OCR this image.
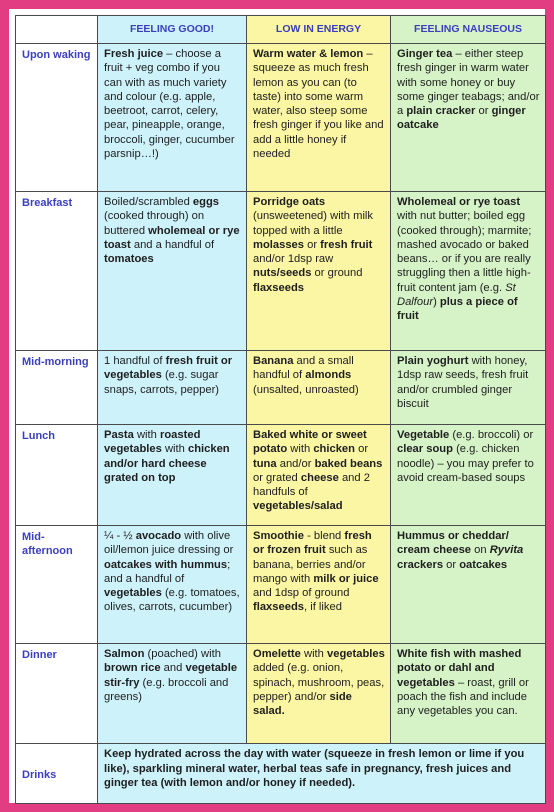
	FEELING GOOD!	LOW IN ENERGY	FEELING NAUSEOUS
Upon waking	Fresh juice – choose a fruit + veg combo if you can with as much variety and colour (e.g. apple, beetroot, carrot, celery, pear, pineapple, orange, broccoli, ginger, cucumber parsnip…!)	Warm water & lemon – squeeze as much fresh lemon as you can (to taste) into some warm water, also steep some fresh ginger if you like and add a little honey if needed	Ginger tea – either steep fresh ginger in warm water with some honey or buy some ginger teabags; and/or a plain cracker or ginger oatcake
Breakfast	Boiled/scrambled eggs (cooked through) on buttered wholemeal or rye toast and a handful of tomatoes	Porridge oats (unsweetened) with milk topped with a little molasses or fresh fruit and/or 1dsp raw nuts/seeds or ground flaxseeds	Wholemeal or rye toast with nut butter; boiled egg (cooked through); marmite; mashed avocado or baked beans… or if you are really struggling then a little high-fruit content jam (e.g. St Dalfour) plus a piece of fruit
Mid-morning	1 handful of fresh fruit or vegetables (e.g. sugar snaps, carrots, pepper)	Banana and a small handful of almonds (unsalted, unroasted)	Plain yoghurt with honey, 1dsp raw seeds, fresh fruit and/or crumbled ginger biscuit
Lunch	Pasta with roasted vegetables with chicken and/or hard cheese grated on top	Baked white or sweet potato with chicken or tuna and/or baked beans or grated cheese and 2 handfuls of vegetables/salad	Vegetable (e.g. broccoli) or clear soup (e.g. chicken noodle) – you may prefer to avoid cream-based soups
Mid-afternoon	¼ - ½ avocado with olive oil/lemon juice dressing or oatcakes with hummus; and a handful of vegetables (e.g. tomatoes, olives, carrots, cucumber)	Smoothie - blend fresh or frozen fruit such as banana, berries and/or mango with milk or juice and 1dsp of ground flaxseeds, if liked	Hummus or cheddar/ cream cheese on Ryvita crackers or oatcakes
Dinner	Salmon (poached) with brown rice and vegetable stir-fry (e.g. broccoli and greens)	Omelette with vegetables added (e.g. onion, spinach, mushroom, peas, pepper) and/or side salad.	White fish with mashed potato or dahl and vegetables – roast, grill or poach the fish and include any vegetables you can.
Drinks	Keep hydrated across the day with water (squeeze in fresh lemon or lime if you like), sparkling mineral water, herbal teas safe in pregnancy, fresh juices and ginger tea (with lemon and/or honey if needed).		
